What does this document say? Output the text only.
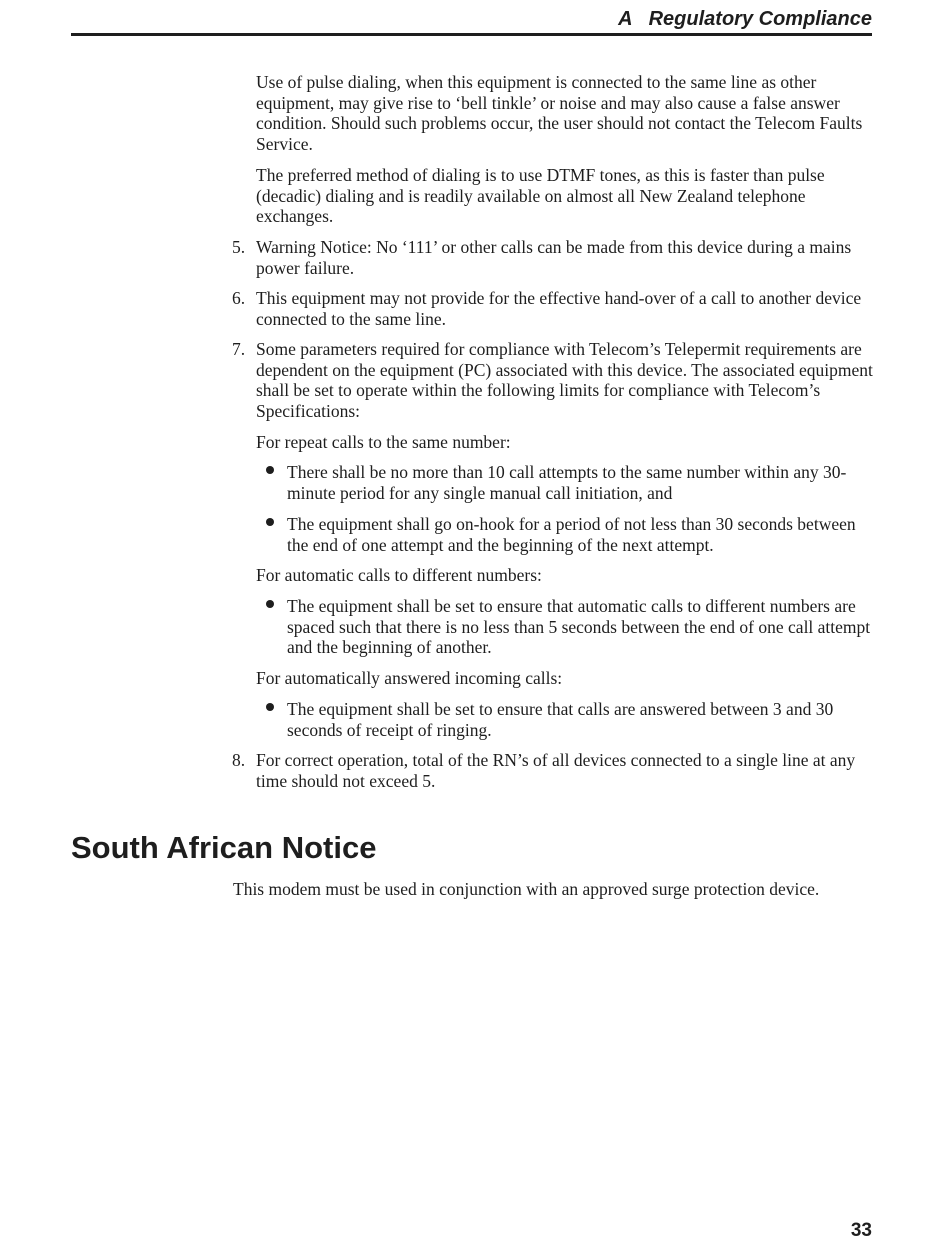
A Regulatory Compliance
Use of pulse dialing, when this equipment is connected to the same line as other equipment, may give rise to ‘bell tinkle’ or noise and may also cause a false answer condition. Should such problems occur, the user should not contact the Telecom Faults Service.
The preferred method of dialing is to use DTMF tones, as this is faster than pulse (decadic) dialing and is readily available on almost all New Zealand telephone exchanges.
5. Warning Notice: No ‘111’ or other calls can be made from this device during a mains power failure.
6. This equipment may not provide for the effective hand-over of a call to another device connected to the same line.
7. Some parameters required for compliance with Telecom’s Telepermit requirements are dependent on the equipment (PC) associated with this device. The associated equipment shall be set to operate within the following limits for compliance with Telecom’s Specifications:
For repeat calls to the same number:
There shall be no more than 10 call attempts to the same number within any 30-minute period for any single manual call initiation, and
The equipment shall go on-hook for a period of not less than 30 seconds between the end of one attempt and the beginning of the next attempt.
For automatic calls to different numbers:
The equipment shall be set to ensure that automatic calls to different numbers are spaced such that there is no less than 5 seconds between the end of one call attempt and the beginning of another.
For automatically answered incoming calls:
The equipment shall be set to ensure that calls are answered between 3 and 30 seconds of receipt of ringing.
8. For correct operation, total of the RN’s of all devices connected to a single line at any time should not exceed 5.
South African Notice
This modem must be used in conjunction with an approved surge protection device.
33
